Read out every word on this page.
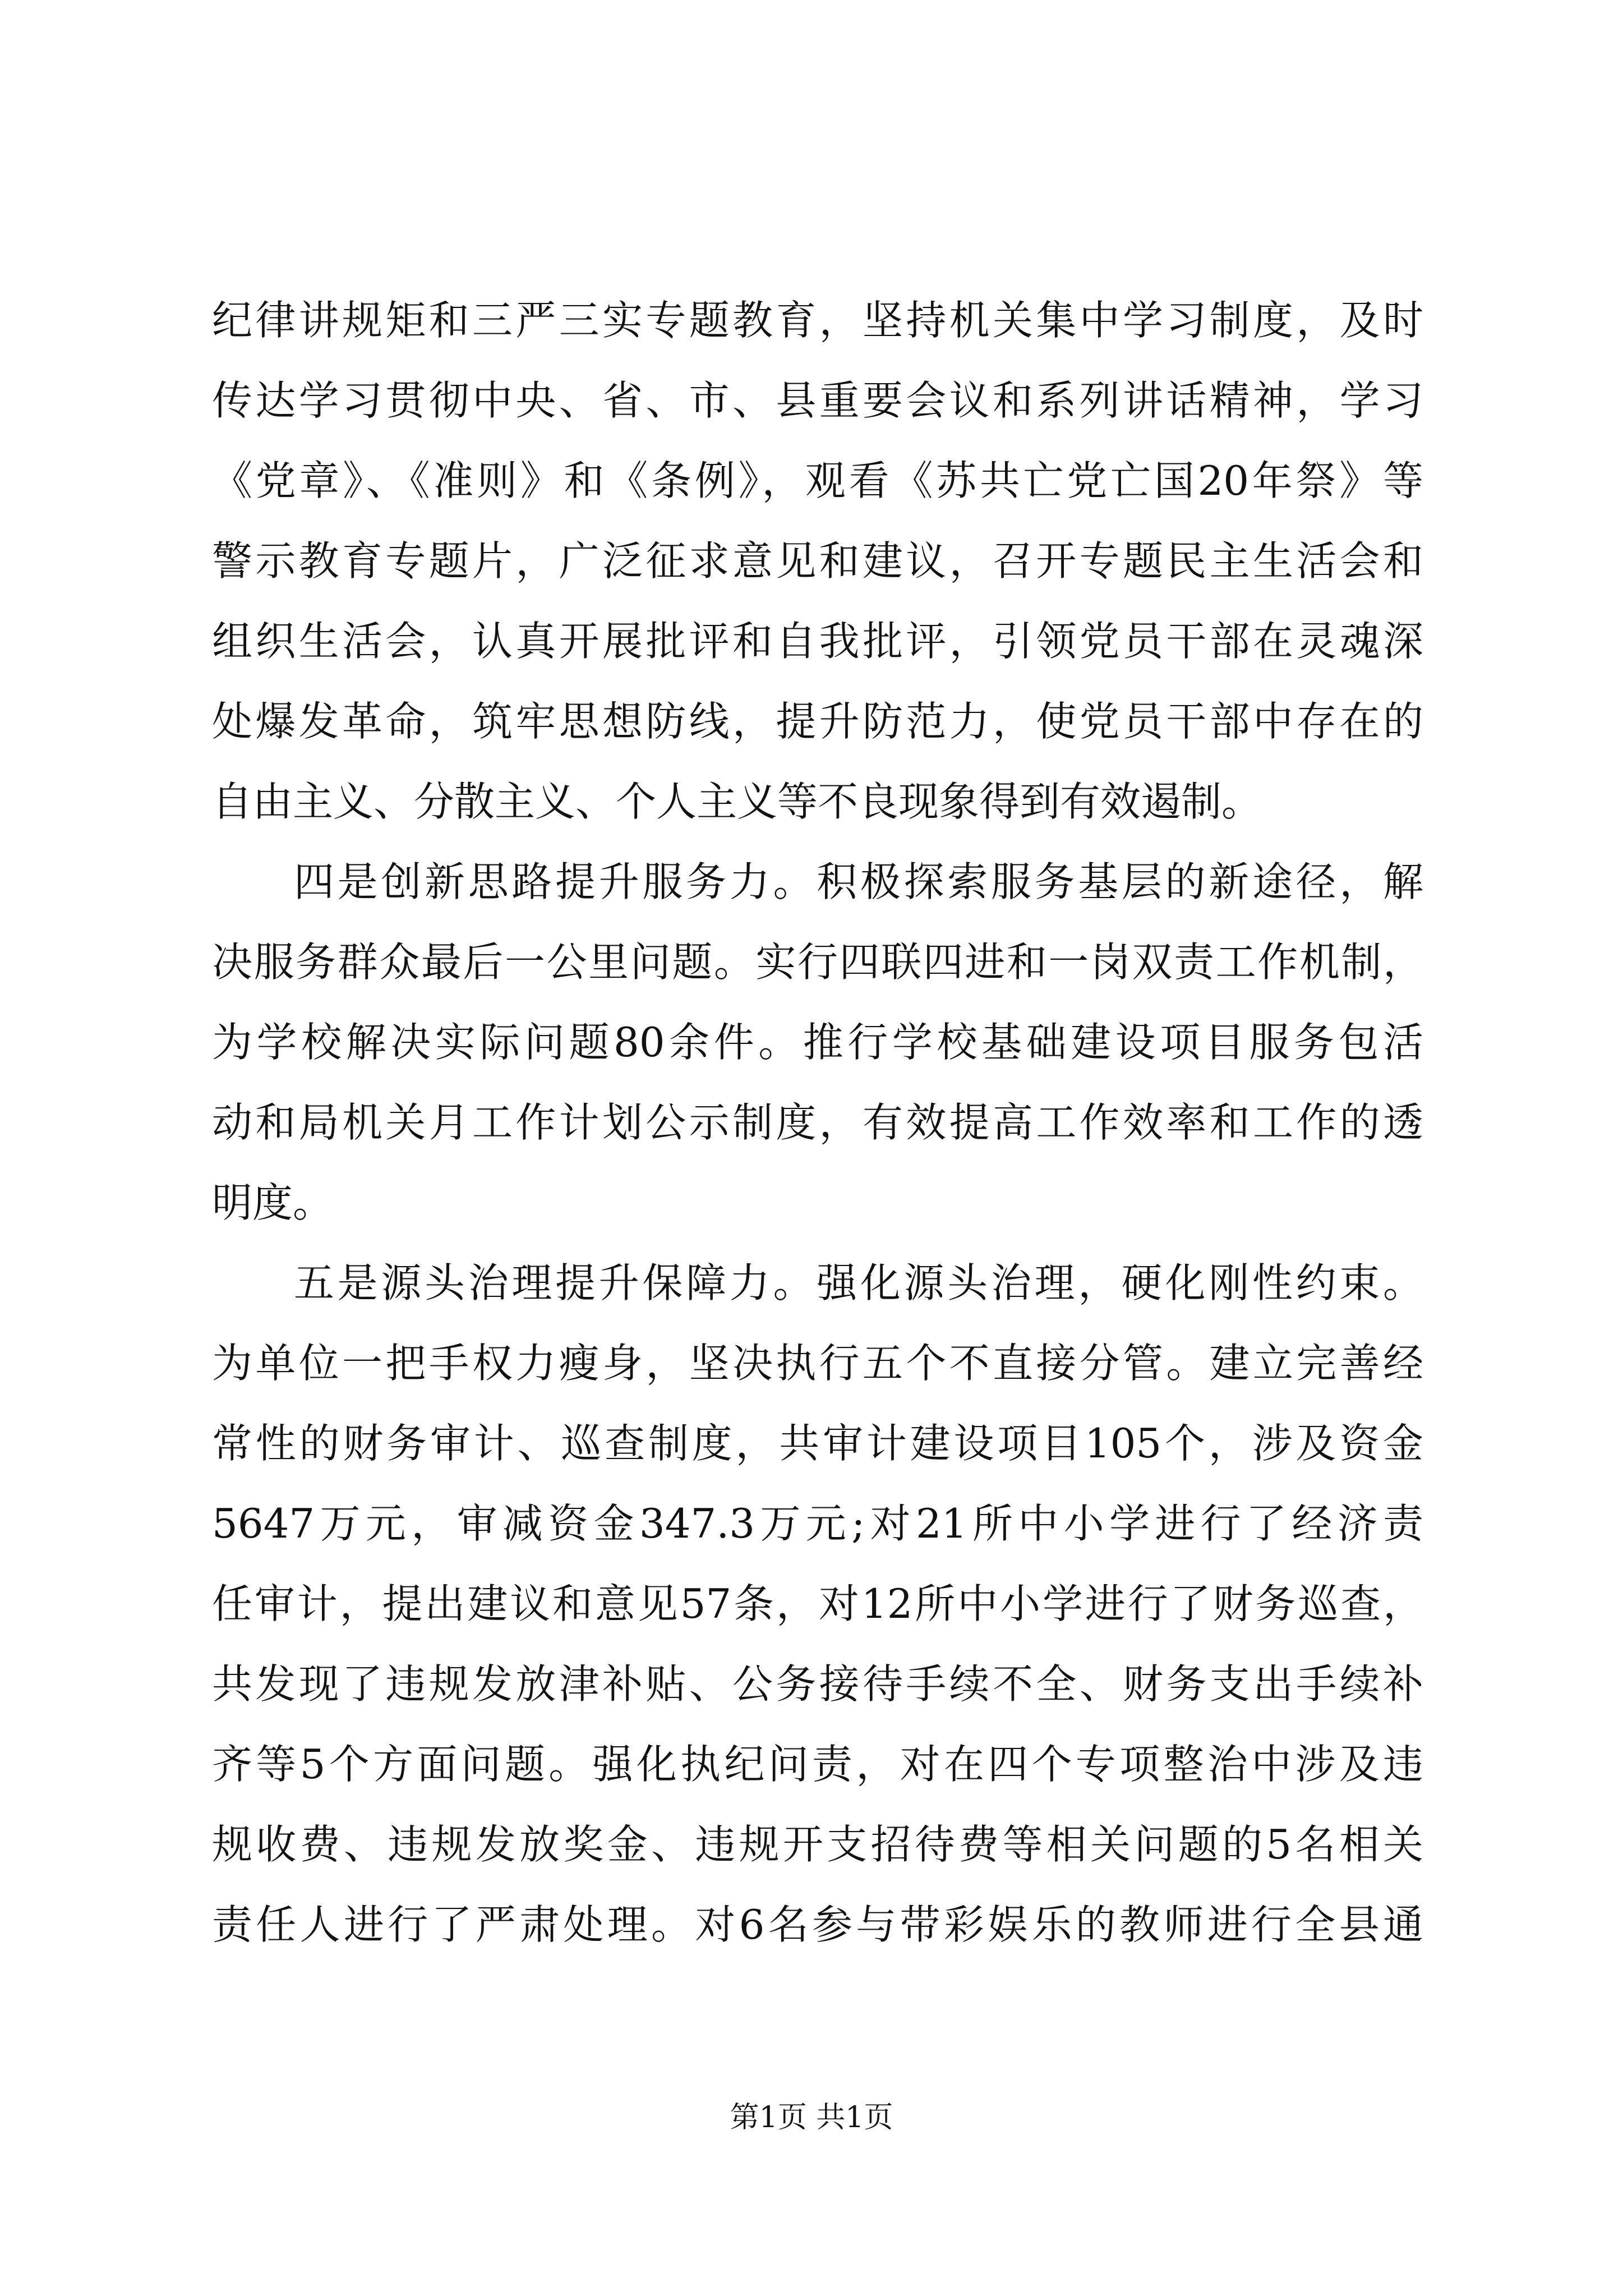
纪律讲规矩和三严三实专题教育，坚持机关集中学习制度，及时
传达学习贯彻中央、省、市、县重要会议和系列讲话精神，学习
《党章》、《准则》和《条例》，观看《苏共亡党亡国20年祭》等
警示教育专题片，广泛征求意见和建议，召开专题民主生活会和
组织生活会，认真开展批评和自我批评，引领党员干部在灵魂深
处爆发革命，筑牢思想防线，提升防范力，使党员干部中存在的
自由主义、分散主义、个人主义等不良现象得到有效遏制。
四是创新思路提升服务力。积极探索服务基层的新途径，解
决服务群众最后一公里问题。实行四联四进和一岗双责工作机制，
为学校解决实际问题80余件。推行学校基础建设项目服务包活
动和局机关月工作计划公示制度，有效提高工作效率和工作的透
明度。
五是源头治理提升保障力。强化源头治理，硬化刚性约束。
为单位一把手权力瘦身，坚决执行五个不直接分管。建立完善经
常性的财务审计、巡查制度，共审计建设项目105个，涉及资金
5647万元，审减资金347.3万元;对21所中小学进行了经济责
任审计，提出建议和意见57条，对12所中小学进行了财务巡查，
共发现了违规发放津补贴、公务接待手续不全、财务支出手续补
齐等5个方面问题。强化执纪问责，对在四个专项整治中涉及违
规收费、违规发放奖金、违规开支招待费等相关问题的5名相关
责任人进行了严肃处理。对6名参与带彩娱乐的教师进行全县通
第1页 共1页
